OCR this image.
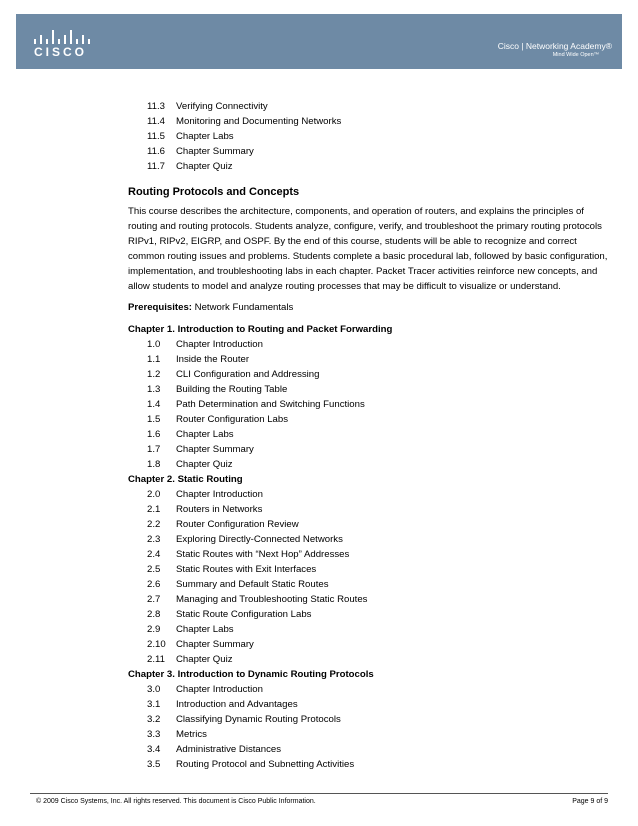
CISCO	Cisco | Networking Academy®
Mind Wide Open™
11.3 Verifying Connectivity
11.4 Monitoring and Documenting Networks
11.5 Chapter Labs
11.6 Chapter Summary
11.7 Chapter Quiz
Routing Protocols and Concepts
This course describes the architecture, components, and operation of routers, and explains the principles of routing and routing protocols. Students analyze, configure, verify, and troubleshoot the primary routing protocols RIPv1, RIPv2, EIGRP, and OSPF. By the end of this course, students will be able to recognize and correct common routing issues and problems. Students complete a basic procedural lab, followed by basic configuration, implementation, and troubleshooting labs in each chapter. Packet Tracer activities reinforce new concepts, and allow students to model and analyze routing processes that may be difficult to visualize or understand.
Prerequisites: Network Fundamentals
Chapter 1. Introduction to Routing and Packet Forwarding
1.0 Chapter Introduction
1.1 Inside the Router
1.2 CLI Configuration and Addressing
1.3 Building the Routing Table
1.4 Path Determination and Switching Functions
1.5 Router Configuration Labs
1.6 Chapter Labs
1.7 Chapter Summary
1.8 Chapter Quiz
Chapter 2. Static Routing
2.0 Chapter Introduction
2.1 Routers in Networks
2.2 Router Configuration Review
2.3 Exploring Directly-Connected Networks
2.4 Static Routes with “Next Hop” Addresses
2.5 Static Routes with Exit Interfaces
2.6 Summary and Default Static Routes
2.7 Managing and Troubleshooting Static Routes
2.8 Static Route Configuration Labs
2.9 Chapter Labs
2.10 Chapter Summary
2.11 Chapter Quiz
Chapter 3. Introduction to Dynamic Routing Protocols
3.0 Chapter Introduction
3.1 Introduction and Advantages
3.2 Classifying Dynamic Routing Protocols
3.3 Metrics
3.4 Administrative Distances
3.5 Routing Protocol and Subnetting Activities
© 2009 Cisco Systems, Inc. All rights reserved. This document is Cisco Public Information.	Page 9 of 9
